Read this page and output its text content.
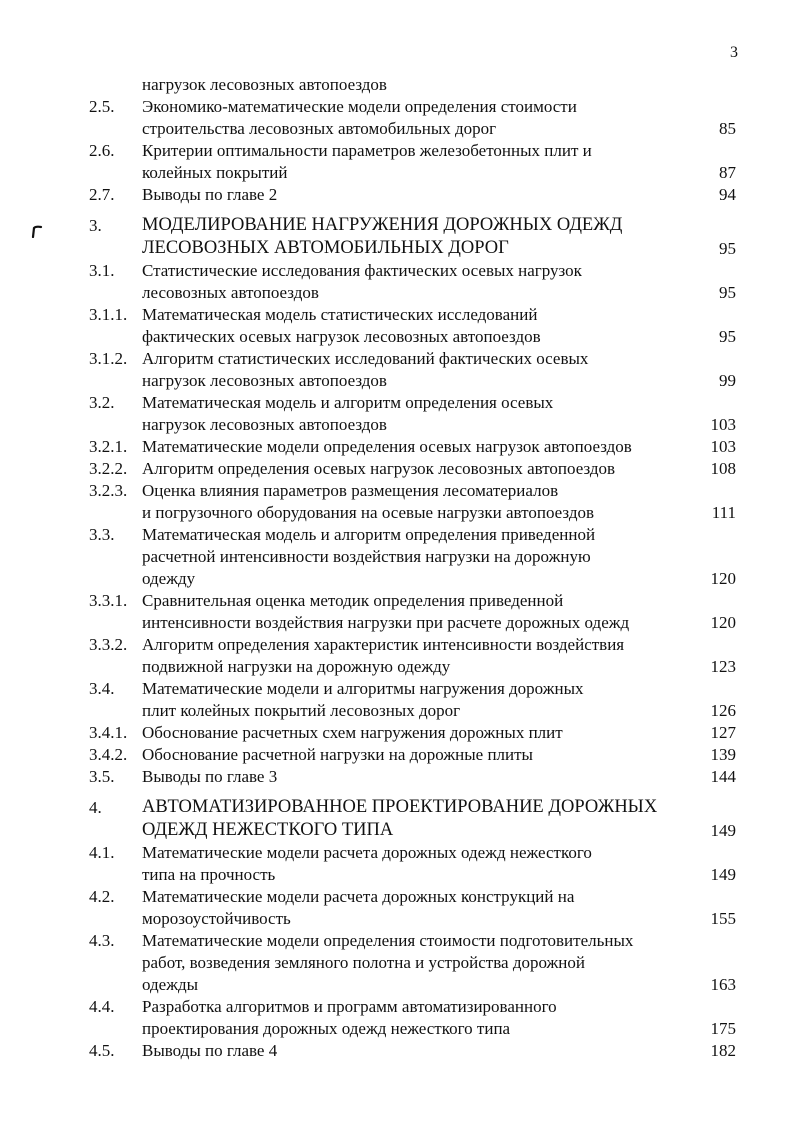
3
нагрузок лесовозных автопоездов
2.5. Экономико-математические модели определения стоимости
строительства лесовозных автомобильных дорог	85
2.6. Критерии оптимальности параметров железобетонных плит и
колейных покрытий	87
2.7. Выводы по главе 2	94
3. МОДЕЛИРОВАНИЕ НАГРУЖЕНИЯ ДОРОЖНЫХ ОДЕЖД
ЛЕСОВОЗНЫХ АВТОМОБИЛЬНЫХ ДОРОГ	95
3.1. Статистические исследования фактических осевых нагрузок
лесовозных автопоездов	95
3.1.1. Математическая модель статистических исследований
фактических осевых нагрузок лесовозных автопоездов	95
3.1.2. Алгоритм статистических исследований фактических осевых
нагрузок лесовозных автопоездов	99
3.2. Математическая модель и алгоритм определения осевых
нагрузок лесовозных автопоездов	103
3.2.1. Математические модели определения осевых нагрузок автопоездов	103
3.2.2. Алгоритм определения осевых нагрузок лесовозных автопоездов	108
3.2.3. Оценка влияния параметров размещения лесоматериалов
и погрузочного оборудования на осевые нагрузки автопоездов	111
3.3. Математическая модель и алгоритм определения приведенной
расчетной интенсивности воздействия нагрузки на дорожную
одежду	120
3.3.1. Сравнительная оценка методик определения приведенной
интенсивности воздействия нагрузки при расчете дорожных одежд	120
3.3.2. Алгоритм определения характеристик интенсивности воздействия
подвижной нагрузки на дорожную одежду	123
3.4. Математические модели и алгоритмы нагружения дорожных
плит колейных покрытий лесовозных дорог	126
3.4.1. Обоснование расчетных схем нагружения дорожных плит	127
3.4.2. Обоснование расчетной нагрузки на дорожные плиты	139
3.5. Выводы по главе 3	144
4. АВТОМАТИЗИРОВАННОЕ ПРОЕКТИРОВАНИЕ ДОРОЖНЫХ
ОДЕЖД НЕЖЕСТКОГО ТИПА	149
4.1. Математические модели расчета дорожных одежд нежесткого
типа на прочность	149
4.2. Математические модели расчета дорожных конструкций на
морозоустойчивость	155
4.3. Математические модели определения стоимости подготовительных
работ, возведения земляного полотна и устройства дорожной
одежды	163
4.4. Разработка алгоритмов и программ автоматизированного
проектирования дорожных одежд нежесткого типа	175
4.5. Выводы по главе 4	182
